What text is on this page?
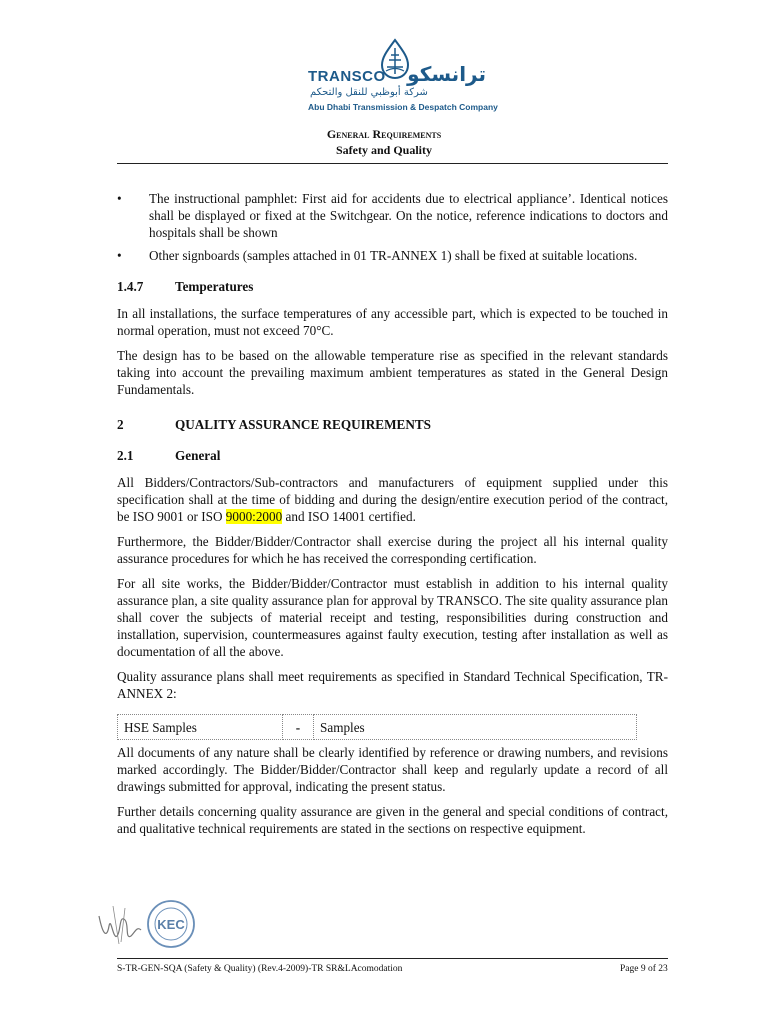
TRANSCO ترانسكو
شركة أبوظبي للنقل والتحكم
Abu Dhabi Transmission & Despatch Company
General Requirements
Safety and Quality
• The instructional pamphlet: First aid for accidents due to electrical appliance’. Identical notices shall be displayed or fixed at the Switchgear. On the notice, reference indications to doctors and hospitals shall be shown
• Other signboards (samples attached in 01 TR-ANNEX 1) shall be fixed at suitable locations.
1.4.7	Temperatures

In all installations, the surface temperatures of any accessible part, which is expected to be touched in normal operation, must not exceed 70°C.

The design has to be based on the allowable temperature rise as specified in the relevant standards taking into account the prevailing maximum ambient temperatures as stated in the General Design Fundamentals.

2	QUALITY ASSURANCE REQUIREMENTS
2.1	General

All Bidders/Contractors/Sub-contractors and manufacturers of equipment supplied under this specification shall at the time of bidding and during the design/entire execution period of the contract, be ISO 9001 or ISO 9000:2000 and ISO 14001 certified.

Furthermore, the Bidder/Bidder/Contractor shall exercise during the project all his internal quality assurance procedures for which he has received the corresponding certification.

For all site works, the Bidder/Bidder/Contractor must establish in addition to his internal quality assurance plan, a site quality assurance plan for approval by TRANSCO. The site quality assurance plan shall cover the subjects of material receipt and testing, responsibilities during construction and installation, supervision, countermeasures against faulty execution, testing after installation as well as documentation of all the above.

Quality assurance plans shall meet requirements as specified in Standard Technical Specification, TR-ANNEX 2:

HSE Samples	-	Samples

All documents of any nature shall be clearly identified by reference or drawing numbers, and revisions marked accordingly. The Bidder/Bidder/Contractor shall keep and regularly update a record of all drawings submitted for approval, indicating the present status.

Further details concerning quality assurance are given in the general and special conditions of contract, and qualitative technical requirements are stated in the sections on respective equipment.

KEC
S-TR-GEN-SQA (Safety & Quality) (Rev.4-2009)-TR SR&LAcomodation	Page 9 of 23
